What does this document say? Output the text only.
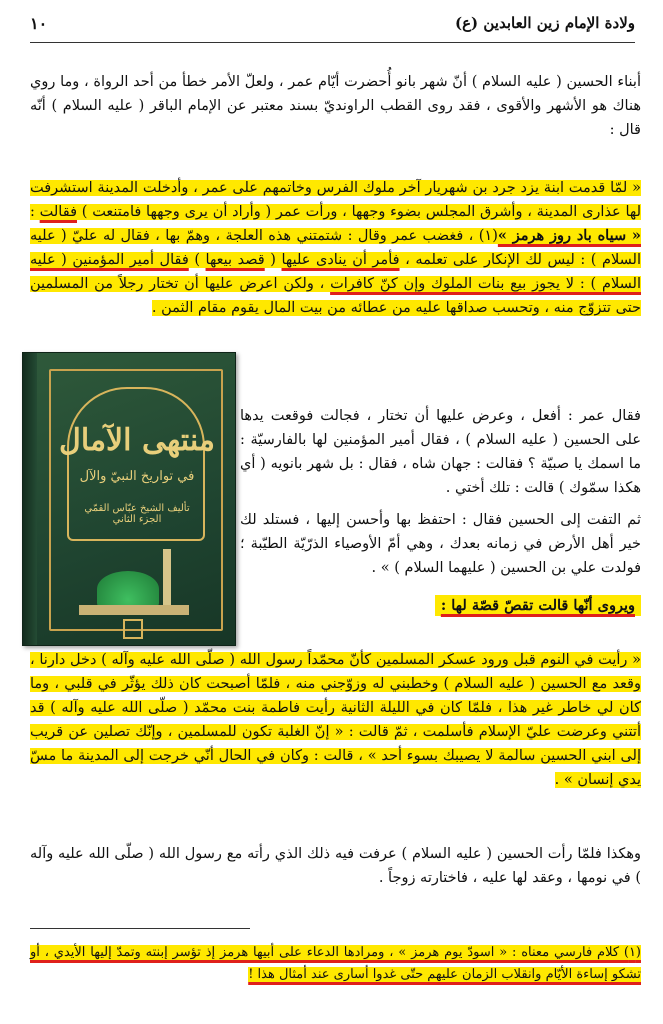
ولادة الإمام زين العابدين (ع)
١٠
أبناء الحسين ( عليه السلام ) أنّ شهر بانو أُحضرت أيّام عمر ، ولعلّ الأمر خطأ من أحد الرواة ، وما روي هناك هو الأشهر والأقوى ، فقد روى القطب الراونديّ بسند معتبر عن الإمام الباقر ( عليه السلام ) أنّه قال :
« لمّا قدمت ابنة يزد جرد بن شهريار آخر ملوك الفرس وخاتمهم على عمر ، وأدخلت المدينة استشرفت لها عذارى المدينة ، وأشرق المجلس بضوء وجهها ، ورأت عمر ( وأراد أن يرى وجهها فامتنعت ) فقالت : « سياه باد روز هرمز »(١) ، فغضب عمر وقال : شتمتني هذه العلجة ، وهمّ بها ، فقال له عليّ ( عليه السلام ) : ليس لك الإنكار على تعلمه ، فأمر أن ينادى عليها ( قصد بيعها ) فقال أمير المؤمنين ( عليه السلام ) : لا يجوز بيع بنات الملوك وإن كنّ كافرات ، ولكن اعرض عليها أن تختار رجلاً من المسلمين حتى تتزوّج منه ، وتحسب صداقها عليه من عطائه من بيت المال يقوم مقام الثمن .
فقال عمر : أفعل ، وعرض عليها أن تختار ، فجالت فوقعت يدها على الحسين ( عليه السلام ) ، فقال أمير المؤمنين لها بالفارسيّة : ما اسمك يا صبيّة ؟ فقالت : جهان شاه ، فقال : بل شهر بانويه ( أي هكذا سمّوك ) قالت : تلك أختي .
ثم التفت إلى الحسين فقال : احتفظ بها وأحسن إليها ، فستلد لك خير أهل الأرض في زمانه بعدك ، وهي أمّ الأوصياء الذرّيّة الطيّبة ؛ فولدت علي بن الحسين ( عليهما السلام ) » .
ويروى أنّها قالت تقصّ قصّة لها :
« رأيت في النوم قبل ورود عسكر المسلمين كأنّ محمّداً رسول الله ( صلّى الله عليه وآله ) دخل دارنا ، وقعد مع الحسين ( عليه السلام ) وخطبني له وزوّجني منه ، فلمّا أصبحت كان ذلك يؤثّر في قلبي ، وما كان لي خاطر غير هذا ، فلمّا كان في الليلة الثانية رأيت فاطمة بنت محمّد ( صلّى الله عليه وآله ) قد أتتني وعرضت عليّ الإسلام فأسلمت ، ثمّ قالت : « إنّ الغلبة تكون للمسلمين ، وإنّك تصلين عن قريب إلى ابني الحسين سالمة لا يصيبك بسوء أحد » ، قالت : وكان في الحال أنّي خرجت إلى المدينة ما مسّ يدي إنسان » .
وهكذا فلمّا رأت الحسين ( عليه السلام ) عرفت فيه ذلك الذي رأته مع رسول الله ( صلّى الله عليه وآله ) في نومها ، وعقد لها عليه ، فاختارته زوجاً .
(١) كلام فارسي معناه : « اسودّ يوم هرمز » ، ومرادها الدعاء على أبيها هرمز إذ تؤسر إبنته وتمدّ إليها الأيدي ، أو تشكو إساءة الأيّام وانقلاب الزمان عليهم حتّى غدوا أسارى عند أمثال هذا !
منتهى الآمال
في تواريخ النبيّ والآل
تأليف الشيخ عبّاس القمّي
الجزء الثاني
